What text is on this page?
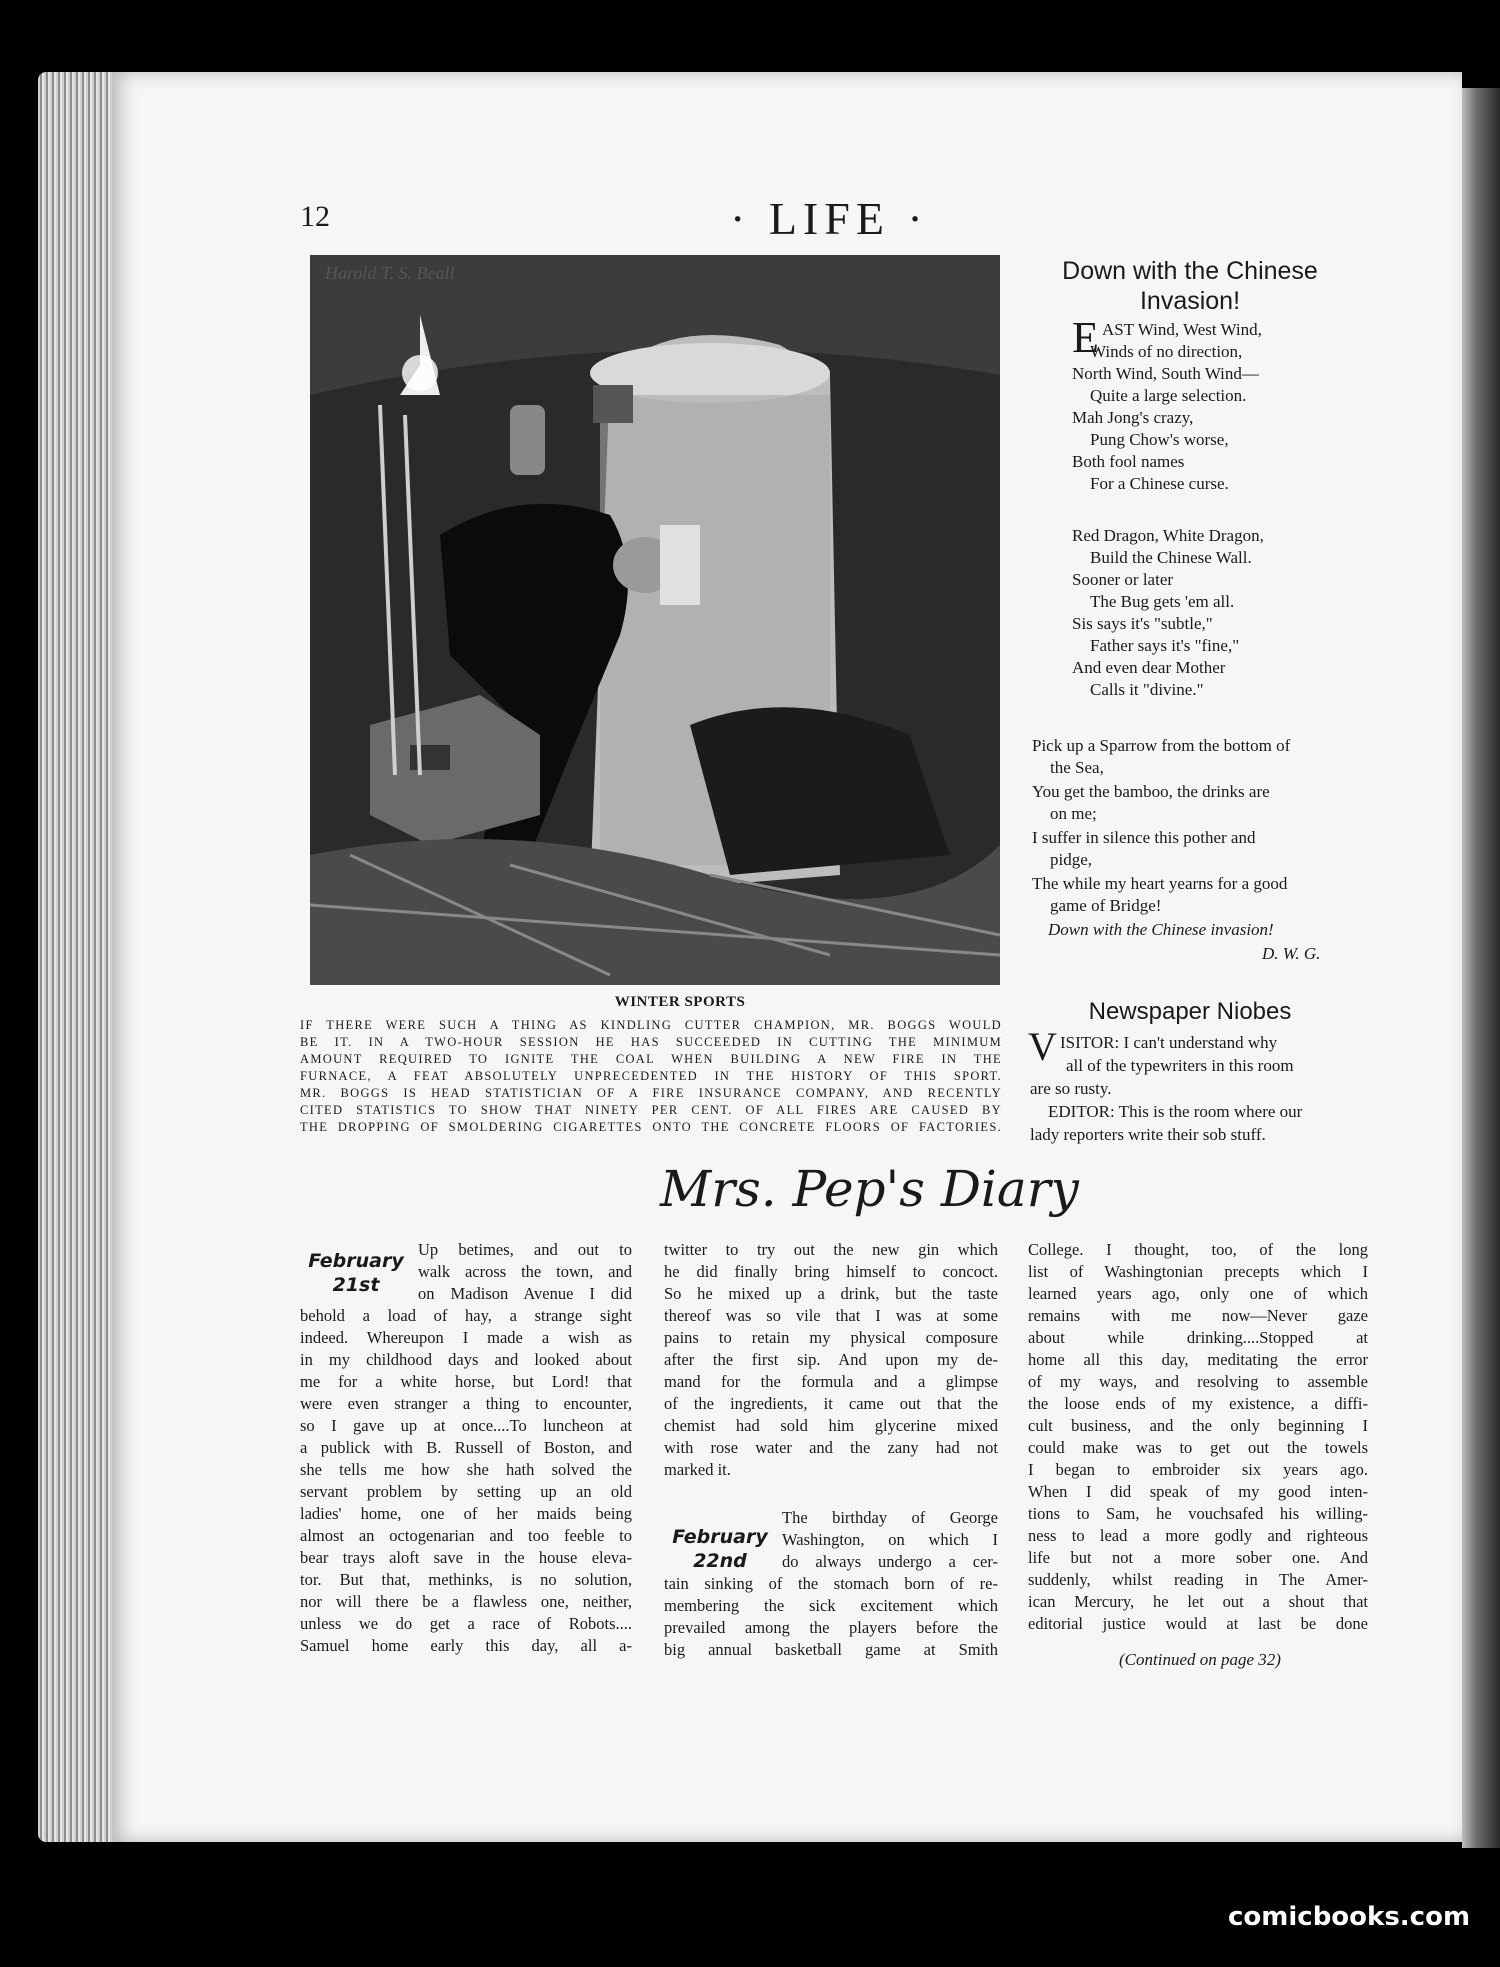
12	· LIFE ·
Harold T. S. Beall
WINTER SPORTS
IF THERE WERE SUCH A THING AS KINDLING CUTTER CHAMPION, MR. BOGGS WOULD
BE IT. IN A TWO-HOUR SESSION HE HAS SUCCEEDED IN CUTTING THE MINIMUM
AMOUNT REQUIRED TO IGNITE THE COAL WHEN BUILDING A NEW FIRE IN THE
FURNACE, A FEAT ABSOLUTELY UNPRECEDENTED IN THE HISTORY OF THIS SPORT.
MR. BOGGS IS HEAD STATISTICIAN OF A FIRE INSURANCE COMPANY, AND RECENTLY
CITED STATISTICS TO SHOW THAT NINETY PER CENT. OF ALL FIRES ARE CAUSED BY
THE DROPPING OF SMOLDERING CIGARETTES ONTO THE CONCRETE FLOORS OF FACTORIES.
Down with the Chinese
Invasion!
E AST Wind, West Wind,
Winds of no direction,
North Wind, South Wind—
Quite a large selection.
Mah Jong's crazy,
Pung Chow's worse,
Both fool names
For a Chinese curse.
Red Dragon, White Dragon,
Build the Chinese Wall.
Sooner or later
The Bug gets 'em all.
Sis says it's "subtle,"
Father says it's "fine,"
And even dear Mother
Calls it "divine."
Pick up a Sparrow from the bottom of
the Sea,
You get the bamboo, the drinks are
on me;
I suffer in silence this pother and
pidge,
The while my heart yearns for a good
game of Bridge!
Down with the Chinese invasion!
D. W. G.
Newspaper Niobes
V ISITOR: I can't understand why
all of the typewriters in this room
are so rusty.
EDITOR: This is the room where our
lady reporters write their sob stuff.
Mrs. Pep's Diary
February
21st
Up betimes, and out to
walk across the town, and
on Madison Avenue I did
behold a load of hay, a strange sight
indeed. Whereupon I made a wish as
in my childhood days and looked about
me for a white horse, but Lord! that
were even stranger a thing to encounter,
so I gave up at once....To luncheon at
a publick with B. Russell of Boston, and
she tells me how she hath solved the
servant problem by setting up an old
ladies' home, one of her maids being
almost an octogenarian and too feeble to
bear trays aloft save in the house eleva-
tor. But that, methinks, is no solution,
nor will there be a flawless one, neither,
unless we do get a race of Robots....
Samuel home early this day, all a-
twitter to try out the new gin which
he did finally bring himself to concoct.
So he mixed up a drink, but the taste
thereof was so vile that I was at some
pains to retain my physical composure
after the first sip. And upon my de-
mand for the formula and a glimpse
of the ingredients, it came out that the
chemist had sold him glycerine mixed
with rose water and the zany had not
marked it.
February
22nd
The birthday of George
Washington, on which I
do always undergo a cer-
tain sinking of the stomach born of re-
membering the sick excitement which
prevailed among the players before the
big annual basketball game at Smith
College. I thought, too, of the long
list of Washingtonian precepts which I
learned years ago, only one of which
remains with me now—Never gaze
about while drinking....Stopped at
home all this day, meditating the error
of my ways, and resolving to assemble
the loose ends of my existence, a diffi-
cult business, and the only beginning I
could make was to get out the towels
I began to embroider six years ago.
When I did speak of my good inten-
tions to Sam, he vouchsafed his willing-
ness to lead a more godly and righteous
life but not a more sober one. And
suddenly, whilst reading in The Amer-
ican Mercury, he let out a shout that
editorial justice would at last be done
(Continued on page 32)
comicbooks.com
